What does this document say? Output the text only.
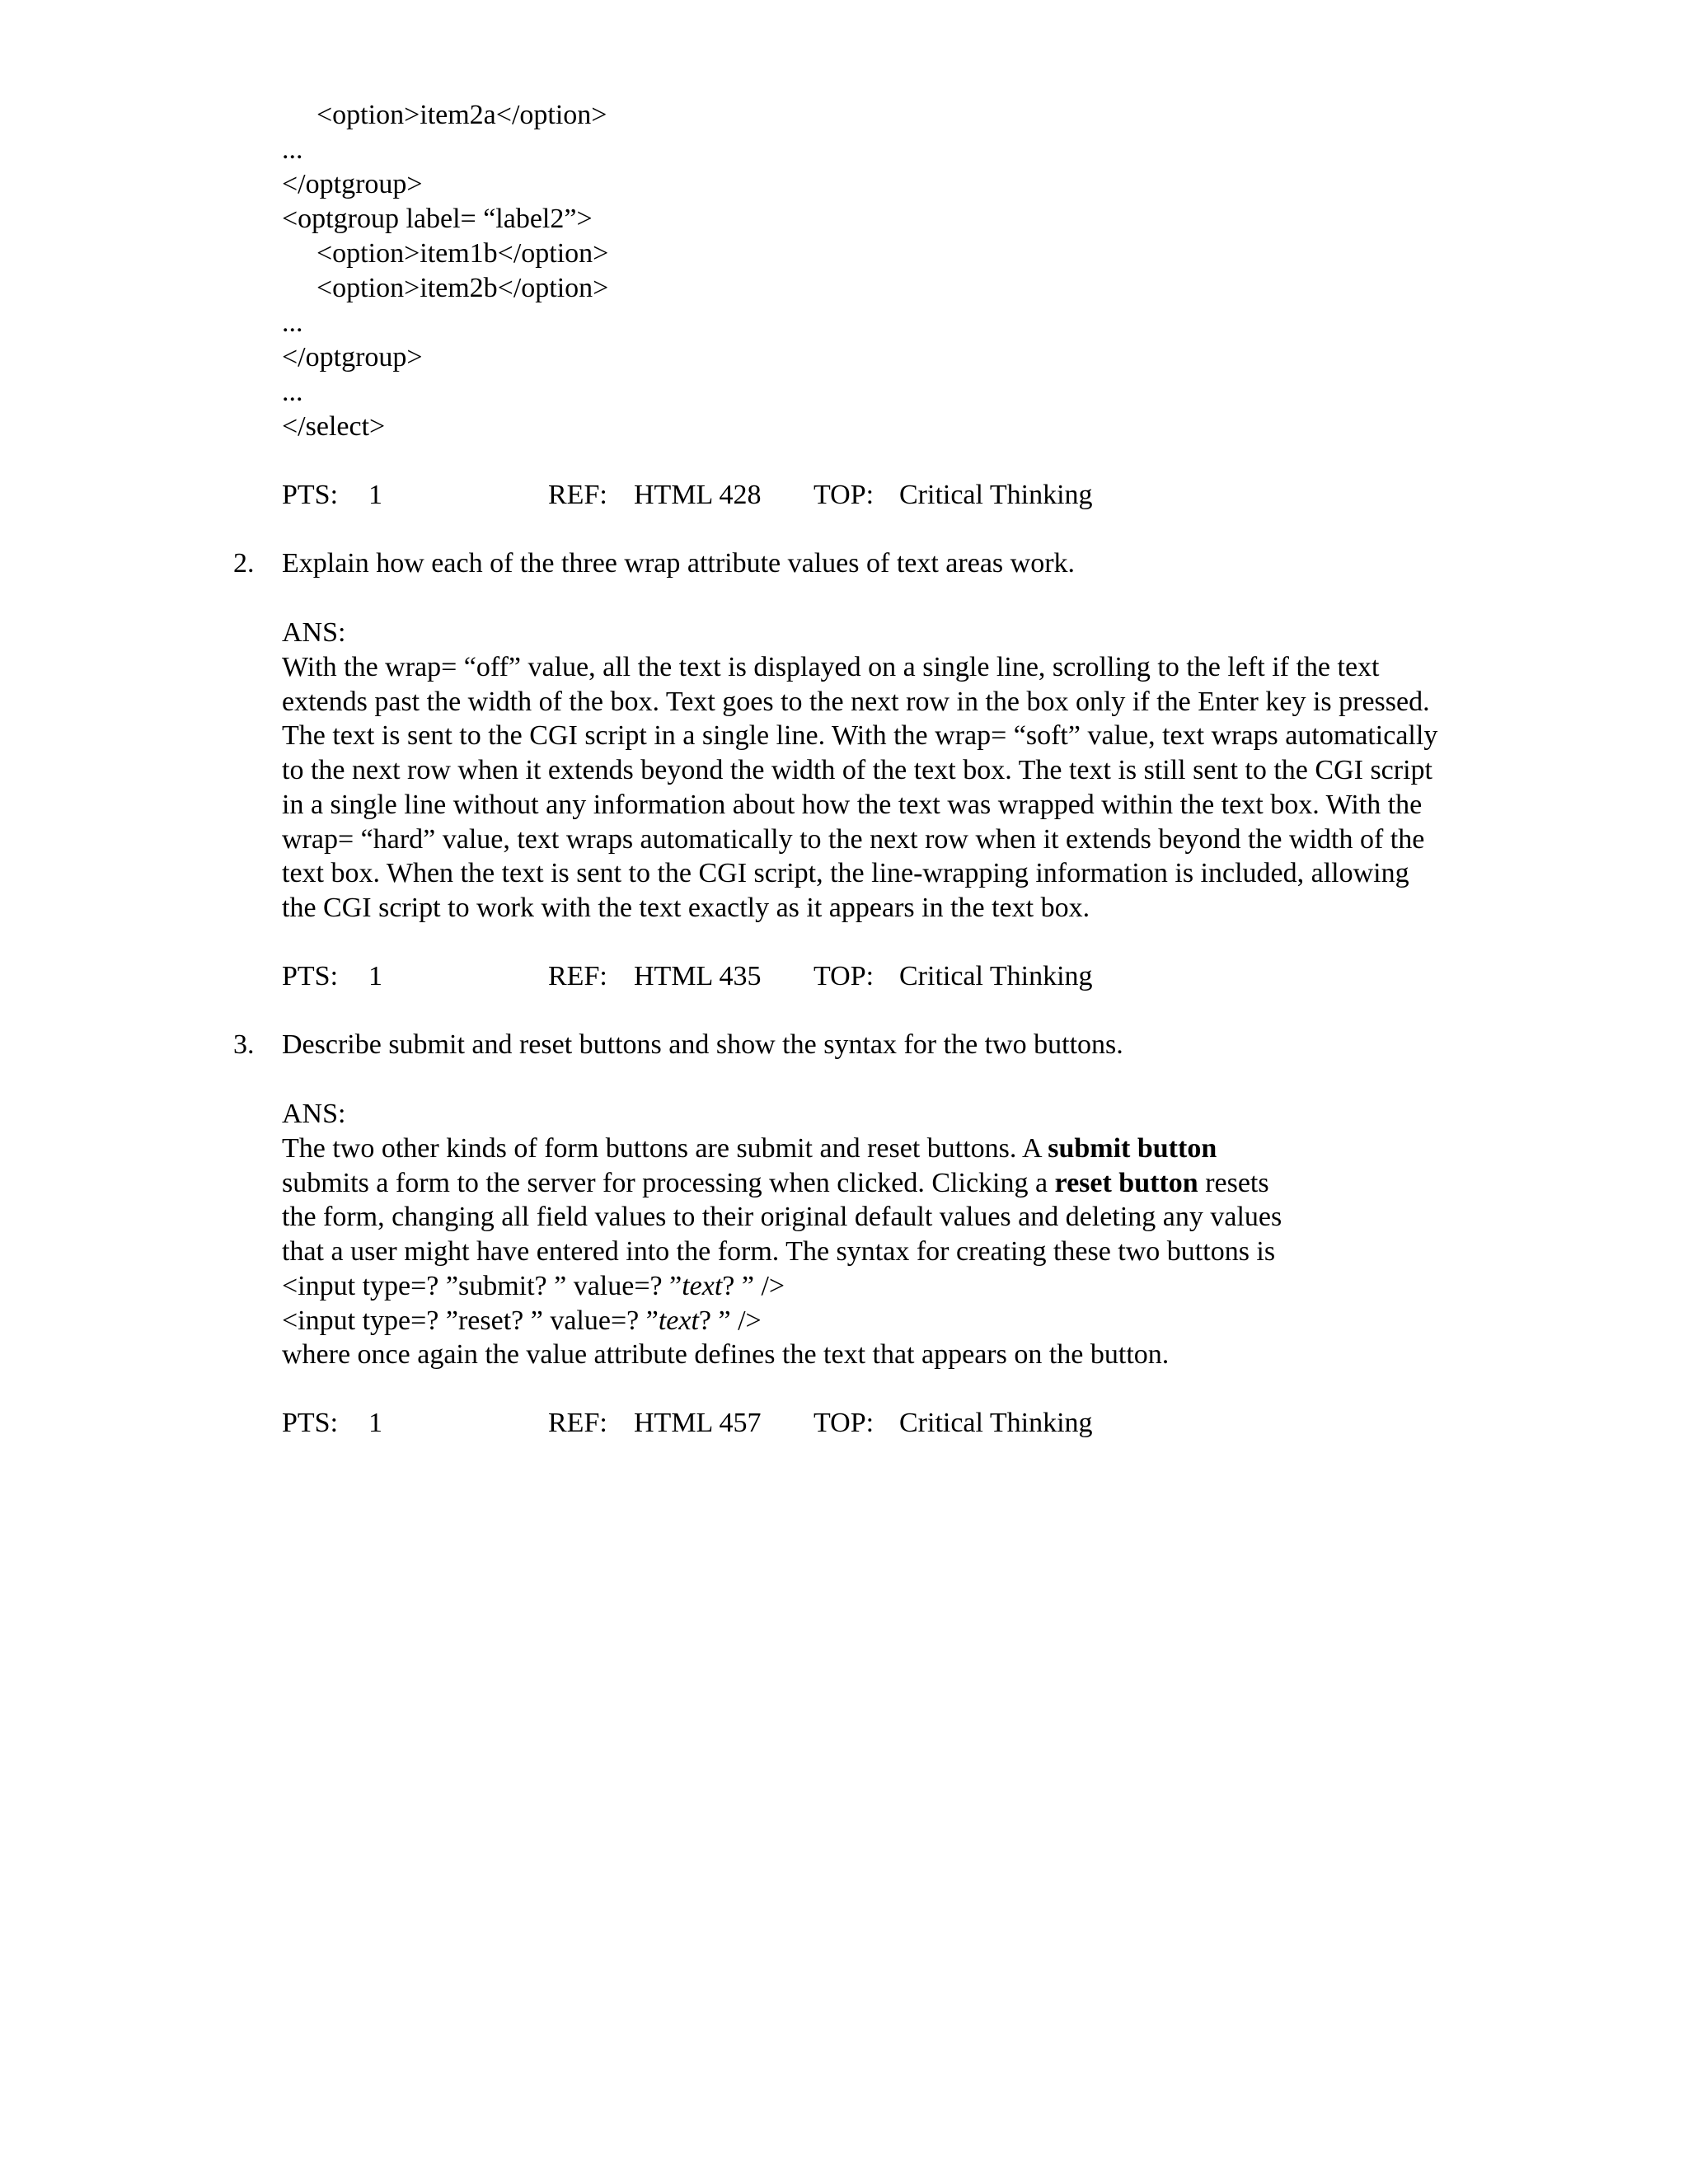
<option>item2a</option>
...
</optgroup>
<optgroup label= “label2”>
<option>item1b</option>
<option>item2b</option>
...
</optgroup>
...
</select>
PTS: 1	REF: HTML 428 TOP: Critical Thinking
2. Explain how each of the three wrap attribute values of text areas work.
ANS:
With the wrap= “off” value, all the text is displayed on a single line, scrolling to the left if the text
extends past the width of the box. Text goes to the next row in the box only if the Enter key is pressed.
The text is sent to the CGI script in a single line. With the wrap= “soft” value, text wraps automatically
to the next row when it extends beyond the width of the text box. The text is still sent to the CGI script
in a single line without any information about how the text was wrapped within the text box. With the
wrap= “hard” value, text wraps automatically to the next row when it extends beyond the width of the
text box. When the text is sent to the CGI script, the line-wrapping information is included, allowing
the CGI script to work with the text exactly as it appears in the text box.
PTS: 1	REF: HTML 435 TOP: Critical Thinking
3. Describe submit and reset buttons and show the syntax for the two buttons.
ANS:
The two other kinds of form buttons are submit and reset buttons. A submit button
submits a form to the server for processing when clicked. Clicking a reset button resets
the form, changing all field values to their original default values and deleting any values
that a user might have entered into the form. The syntax for creating these two buttons is
<input type=? ”submit? ” value=? ”text? ” />
<input type=? ”reset? ” value=? ”text? ” />
where once again the value attribute defines the text that appears on the button.
PTS: 1	REF: HTML 457 TOP: Critical Thinking
